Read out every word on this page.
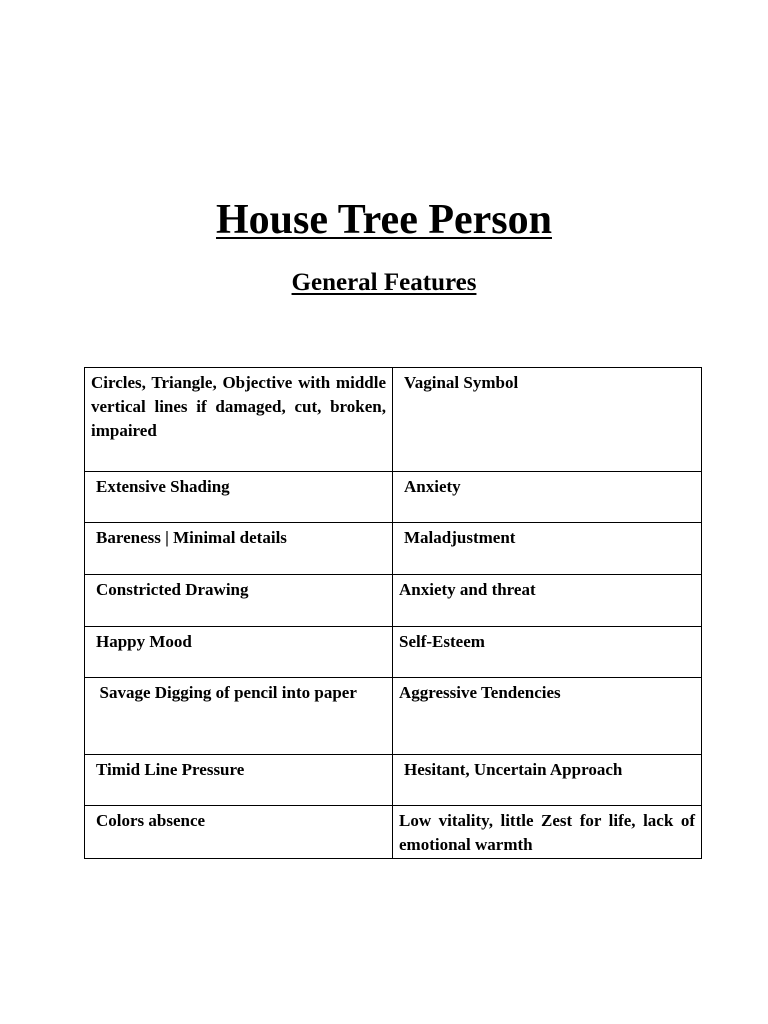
House Tree Person
General Features
Circles, Triangle, Objective with middle vertical lines if damaged, cut, broken, impaired	Vaginal Symbol
Extensive Shading	Anxiety
Bareness | Minimal details	Maladjustment
Constricted Drawing	Anxiety and threat
Happy Mood	Self-Esteem
Savage Digging of pencil into paper	Aggressive Tendencies
Timid Line Pressure	Hesitant, Uncertain Approach
Colors absence	Low vitality, little Zest for life, lack of emotional warmth
